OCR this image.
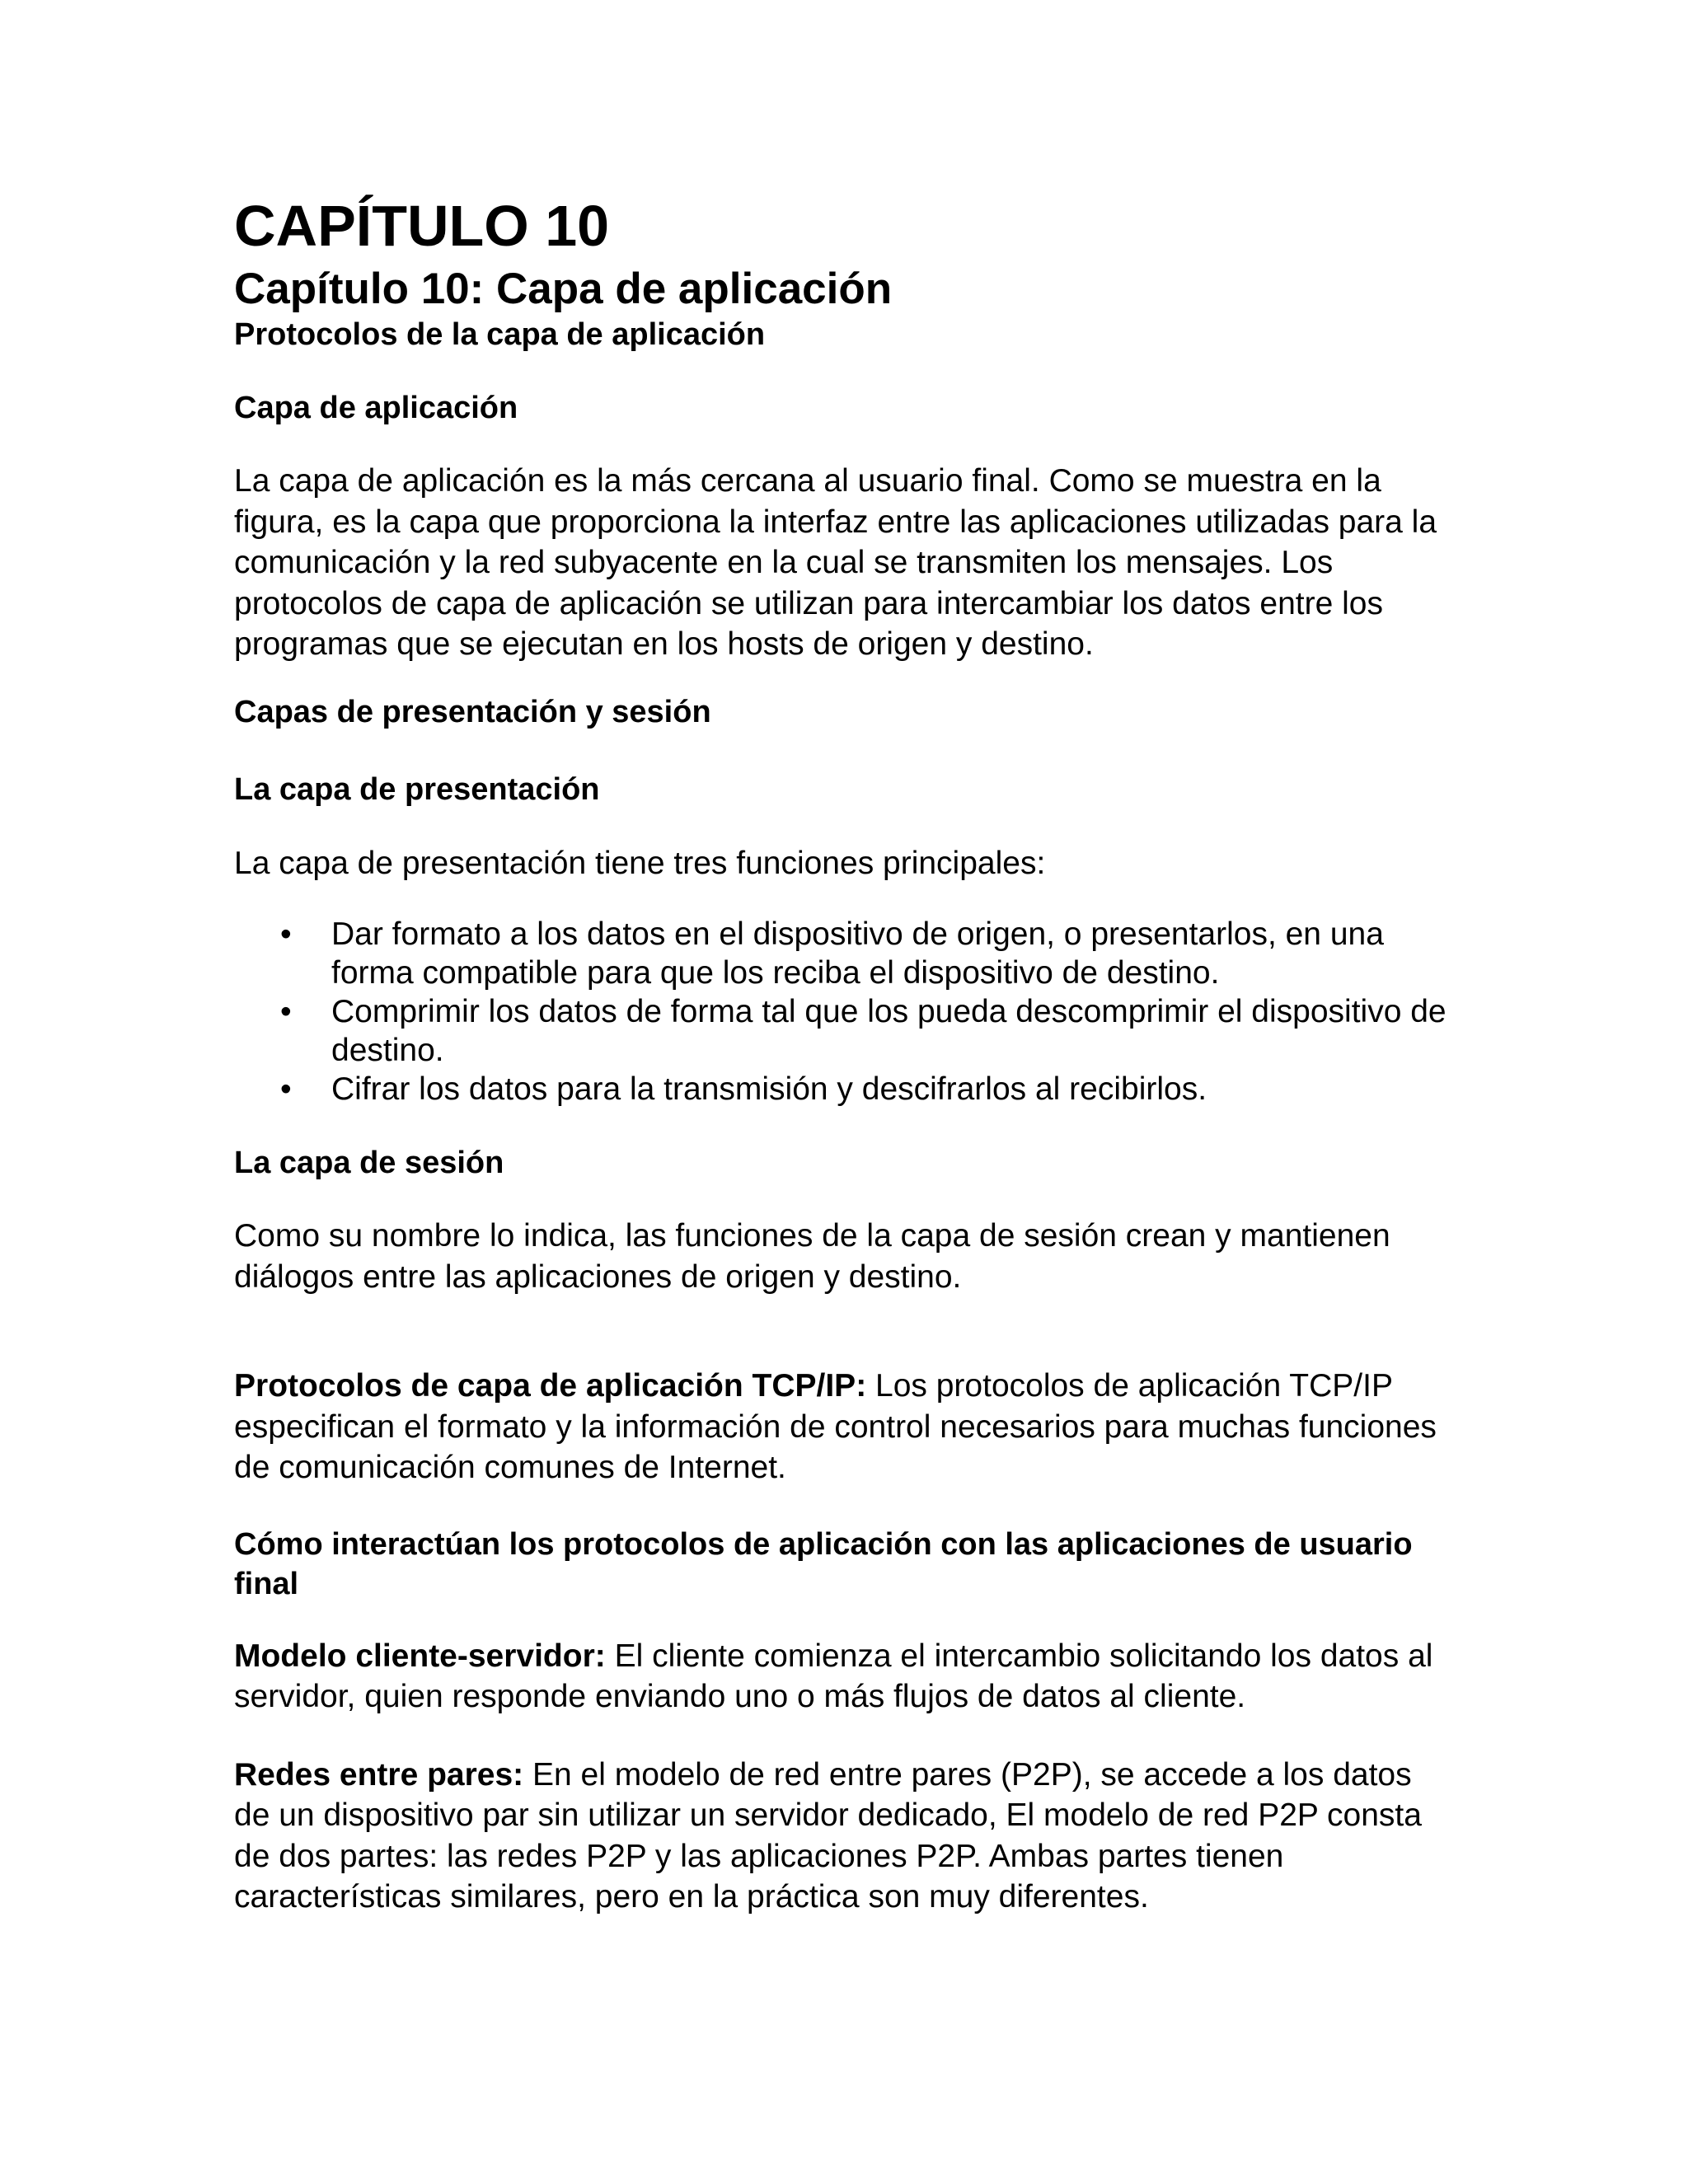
CAPÍTULO 10
Capítulo 10: Capa de aplicación
Protocolos de la capa de aplicación
Capa de aplicación

La capa de aplicación es la más cercana al usuario final. Como se muestra en la figura, es la capa que proporciona la interfaz entre las aplicaciones utilizadas para la comunicación y la red subyacente en la cual se transmiten los mensajes. Los protocolos de capa de aplicación se utilizan para intercambiar los datos entre los programas que se ejecutan en los hosts de origen y destino.

Capas de presentación y sesión
La capa de presentación

La capa de presentación tiene tres funciones principales:

• Dar formato a los datos en el dispositivo de origen, o presentarlos, en una forma compatible para que los reciba el dispositivo de destino.
• Comprimir los datos de forma tal que los pueda descomprimir el dispositivo de destino.
• Cifrar los datos para la transmisión y descifrarlos al recibirlos.
La capa de sesión

Como su nombre lo indica, las funciones de la capa de sesión crean y mantienen diálogos entre las aplicaciones de origen y destino.

Protocolos de capa de aplicación TCP/IP: Los protocolos de aplicación TCP/IP especifican el formato y la información de control necesarios para muchas funciones de comunicación comunes de Internet.

Cómo interactúan los protocolos de aplicación con las aplicaciones de usuario final

Modelo cliente-servidor: El cliente comienza el intercambio solicitando los datos al servidor, quien responde enviando uno o más flujos de datos al cliente.

Redes entre pares: En el modelo de red entre pares (P2P), se accede a los datos de un dispositivo par sin utilizar un servidor dedicado, El modelo de red P2P consta de dos partes: las redes P2P y las aplicaciones P2P. Ambas partes tienen características similares, pero en la práctica son muy diferentes.
